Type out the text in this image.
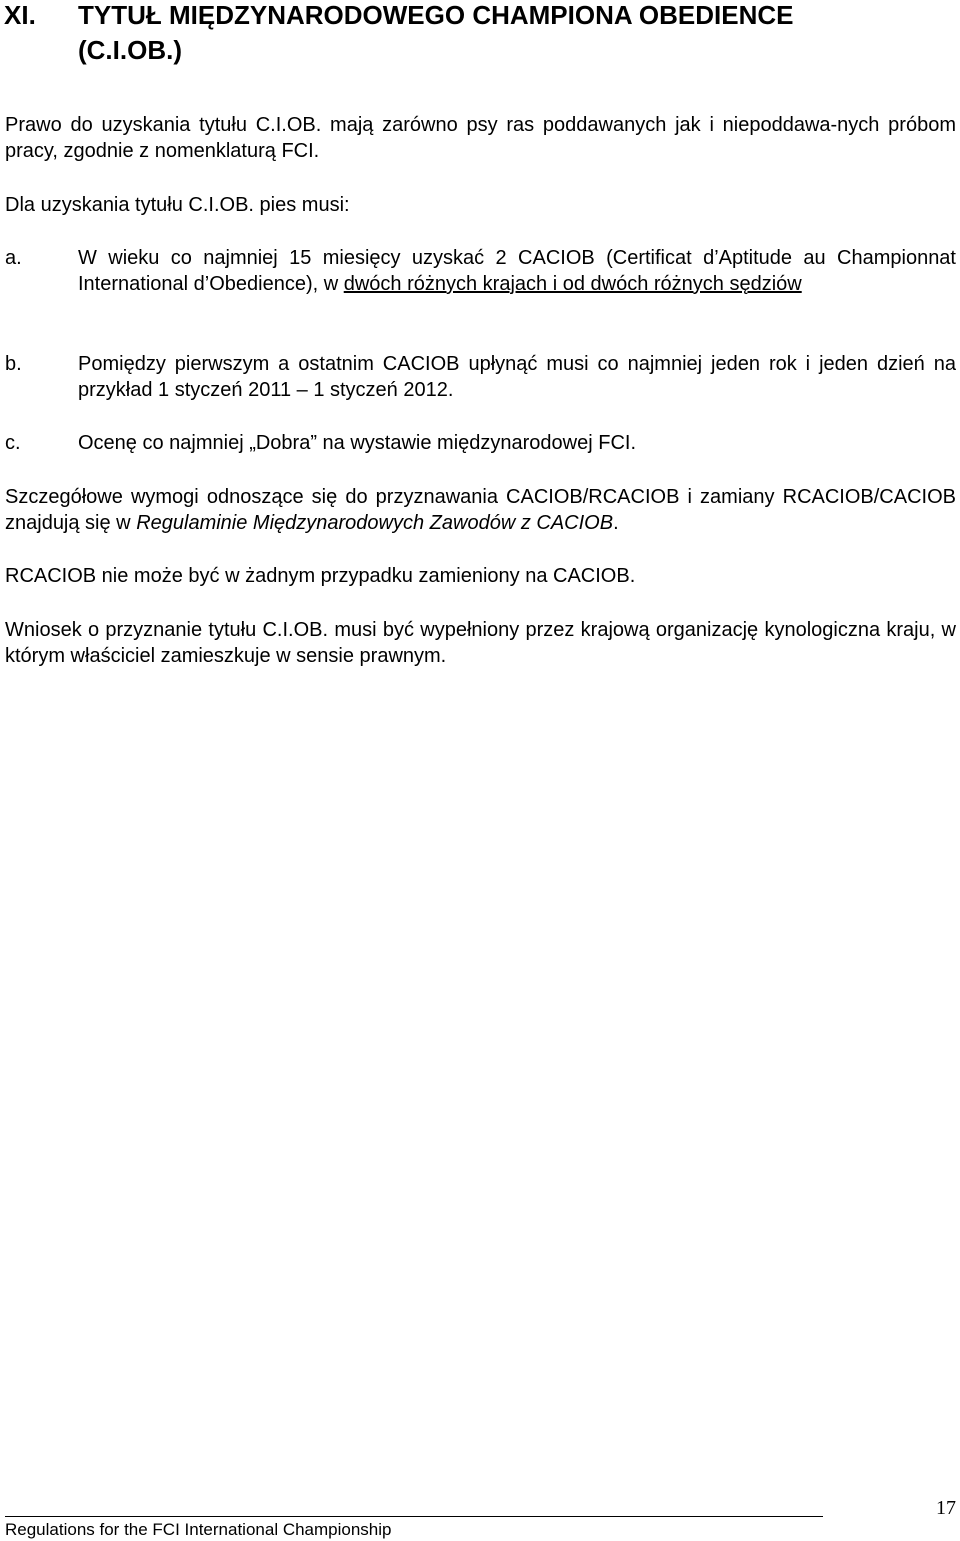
XI.	TYTUŁ MIĘDZYNARODOWEGO CHAMPIONA OBEDIENCE
(C.I.OB.)
Prawo do uzyskania tytułu C.I.OB. mają zarówno psy ras poddawanych jak i niepoddawa-nych próbom pracy, zgodnie z nomenklaturą FCI.
Dla uzyskania tytułu C.I.OB. pies musi:
a.	W wieku co najmniej 15 miesięcy uzyskać 2 CACIOB (Certificat d’Aptitude au Championnat International d’Obedience), w dwóch różnych krajach i od dwóch różnych sędziów
b.	Pomiędzy pierwszym a ostatnim CACIOB upłynąć musi co najmniej jeden rok i jeden dzień na przykład 1 styczeń 2011 – 1 styczeń 2012.
c.	Ocenę co najmniej „Dobra” na wystawie międzynarodowej FCI.
Szczegółowe wymogi odnoszące się do przyznawania CACIOB/RCACIOB i zamiany RCACIOB/CACIOB znajdują się w Regulaminie Międzynarodowych Zawodów z CACIOB.
RCACIOB nie może być w żadnym przypadku zamieniony na CACIOB.
Wniosek o przyznanie tytułu C.I.OB. musi być wypełniony przez krajową organizację kynologiczna kraju, w którym właściciel zamieszkuje w sensie prawnym.
17
Regulations for the FCI International Championship
